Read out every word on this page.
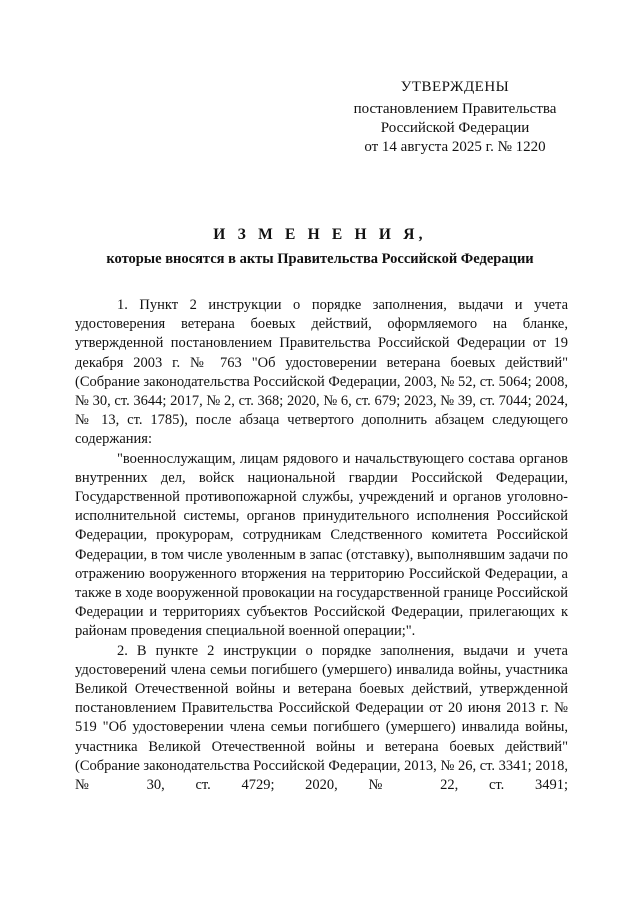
УТВЕРЖДЕНЫ
постановлением Правительства
Российской Федерации
от 14 августа 2025 г. № 1220
И З М Е Н Е Н И Я,
которые вносятся в акты Правительства Российской Федерации

1. Пункт 2 инструкции о порядке заполнения, выдачи и учета удостоверения ветерана боевых действий, оформляемого на бланке, утвержденной постановлением Правительства Российской Федерации от 19 декабря 2003 г. № 763 "Об удостоверении ветерана боевых действий" (Собрание законодательства Российской Федерации, 2003, № 52, ст. 5064; 2008, № 30, ст. 3644; 2017, № 2, ст. 368; 2020, № 6, ст. 679; 2023, № 39, ст. 7044; 2024, № 13, ст. 1785), после абзаца четвертого дополнить абзацем следующего содержания:

"военнослужащим, лицам рядового и начальствующего состава органов внутренних дел, войск национальной гвардии Российской Федерации, Государственной противопожарной службы, учреждений и органов уголовно-исполнительной системы, органов принудительного исполнения Российской Федерации, прокурорам, сотрудникам Следственного комитета Российской Федерации, в том числе уволенным в запас (отставку), выполнявшим задачи по отражению вооруженного вторжения на территорию Российской Федерации, а также в ходе вооруженной провокации на государственной границе Российской Федерации и территориях субъектов Российской Федерации, прилегающих к районам проведения специальной военной операции;".

2. В пункте 2 инструкции о порядке заполнения, выдачи и учета удостоверений члена семьи погибшего (умершего) инвалида войны, участника Великой Отечественной войны и ветерана боевых действий, утвержденной постановлением Правительства Российской Федерации от 20 июня 2013 г. № 519 "Об удостоверении члена семьи погибшего (умершего) инвалида войны, участника Великой Отечественной войны и ветерана боевых действий" (Собрание законодательства Российской Федерации, 2013, № 26, ст. 3341; 2018, № 30, ст. 4729; 2020, № 22, ст. 3491;
